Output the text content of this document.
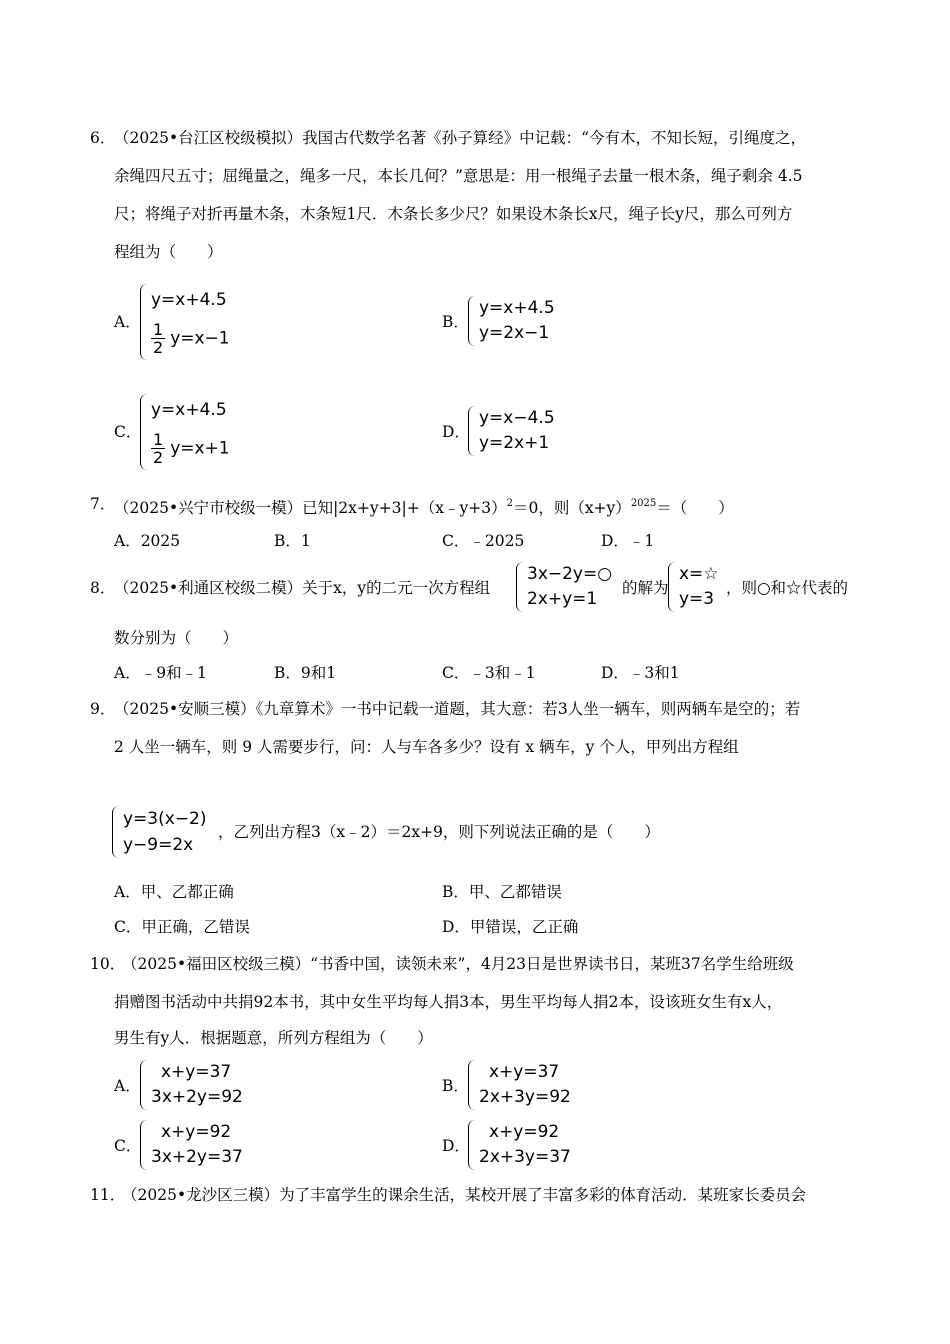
6．
（2025•台江区校级模拟）我国古代数学名著《孙子算经》中记载：“今有木，不知长短，引绳度之，
余绳四尺五寸；屈绳量之，绳多一尺，本长几何？”意思是：用一根绳子去量一根木条，绳子剩余 4.5
尺；将绳子对折再量木条，木条短1尺．木条长多少尺？如果设木条长x尺，绳子长y尺，那么可列方
程组为（　　）
A．
y=x+4.5
$\frac{1}{2} y=x-1$
B．
y=x+4.5
y=2x−1
C．
y=x+4.5
$\frac{1}{2} y=x+1$
D．
y=x−4.5
y=2x+1
7．
（2025•兴宁市校级一模）已知|2x+y+3|+（x﹣y+3）$^2$＝0，则$(x+y)^{2025}=$（　　）
A．2025	B．1	C．﹣2025	D．﹣1
8．
（2025•利通区校级二模）关于x，y的二元一次方程组
3x−2y=○
2x+y=1
的解为
x=☆
y=3
，则○和☆代表的
数分别为（　　）
A．﹣9和﹣1	B．9和1	C．﹣3和﹣1	D．﹣3和1
9．
（2025•安顺三模）《九章算术》一书中记载一道题，其大意：若3人坐一辆车，则两辆车是空的；若
2 人坐一辆车，则 9 人需要步行，问：人与车各多少？设有 x 辆车，y 个人，甲列出方程组
y=3(x−2)
y−9=2x
，乙列出方程3（x﹣2）＝2x+9，则下列说法正确的是（　　）
A．甲、乙都正确	B．甲、乙都错误
C．甲正确，乙错误	D．甲错误，乙正确
10．
（2025•福田区校级三模）“书香中国，读领未来”，4月23日是世界读书日，某班37名学生给班级
捐赠图书活动中共捐92本书，其中女生平均每人捐3本，男生平均每人捐2本，设该班女生有x人，
男生有y人．根据题意，所列方程组为（　　）
A．
x+y=37
3x+2y=92
B．
x+y=37
2x+3y=92
C．
x+y=92
3x+2y=37
D．
x+y=92
2x+3y=37
11．
（2025•龙沙区三模）为了丰富学生的课余生活，某校开展了丰富多彩的体育活动．某班家长委员会
